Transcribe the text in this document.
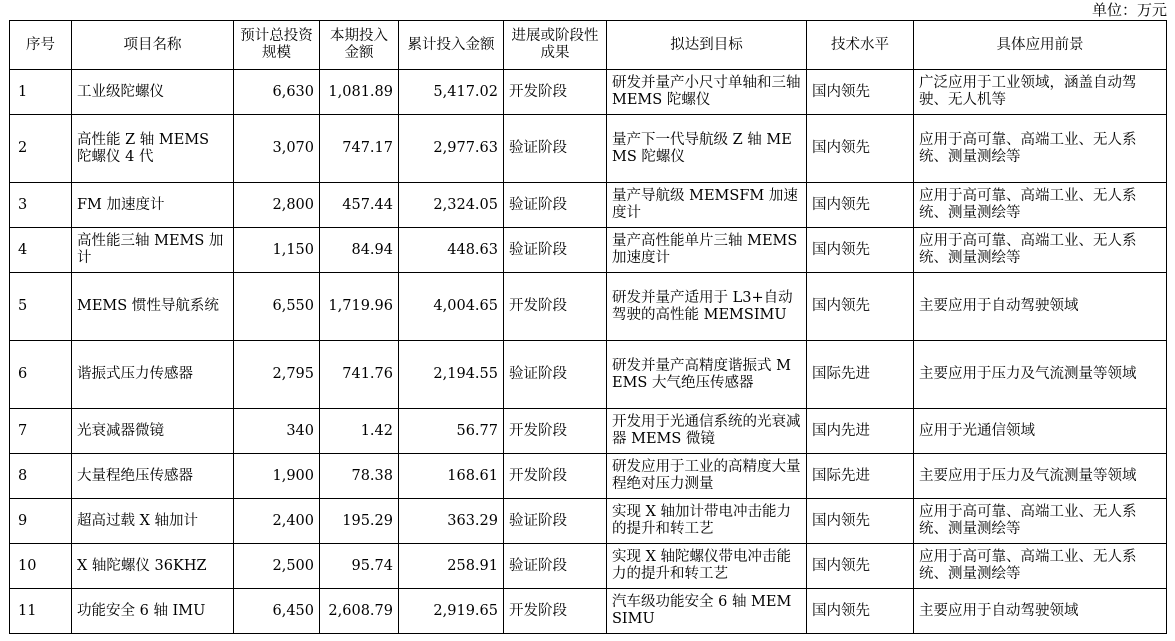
单位：万元
序号	项目名称	预计总投资规模	本期投入金额	累计投入金额	进展或阶段性成果	拟达到目标	技术水平	具体应用前景
1	工业级陀螺仪	6,630	1,081.89	5,417.02	开发阶段	研发并量产小尺寸单轴和三轴 MEMS 陀螺仪	国内领先	广泛应用于工业领域，涵盖自动驾驶、无人机等
2	高性能 Z 轴 MEMS 陀螺仪 4 代	3,070	747.17	2,977.63	验证阶段	量产下一代导航级 Z 轴 MEMS 陀螺仪	国内领先	应用于高可靠、高端工业、无人系统、测量测绘等
3	FM 加速度计	2,800	457.44	2,324.05	验证阶段	量产导航级 MEMSFM 加速度计	国内领先	应用于高可靠、高端工业、无人系统、测量测绘等
4	高性能三轴 MEMS 加计	1,150	84.94	448.63	验证阶段	量产高性能单片三轴 MEMS 加速度计	国内领先	应用于高可靠、高端工业、无人系统、测量测绘等
5	MEMS 惯性导航系统	6,550	1,719.96	4,004.65	开发阶段	研发并量产适用于 L3+自动驾驶的高性能 MEMSIMU	国内领先	主要应用于自动驾驶领域
6	谐振式压力传感器	2,795	741.76	2,194.55	验证阶段	研发并量产高精度谐振式 MEMS 大气绝压传感器	国际先进	主要应用于压力及气流测量等领域
7	光衰减器微镜	340	1.42	56.77	开发阶段	开发用于光通信系统的光衰减器 MEMS 微镜	国内先进	应用于光通信领域
8	大量程绝压传感器	1,900	78.38	168.61	开发阶段	研发应用于工业的高精度大量程绝对压力测量	国际先进	主要应用于压力及气流测量等领域
9	超高过载 X 轴加计	2,400	195.29	363.29	验证阶段	实现 X 轴加计带电冲击能力的提升和转工艺	国内领先	应用于高可靠、高端工业、无人系统、测量测绘等
10	X 轴陀螺仪 36KHZ	2,500	95.74	258.91	验证阶段	实现 X 轴陀螺仪带电冲击能力的提升和转工艺	国内领先	应用于高可靠、高端工业、无人系统、测量测绘等
11	功能安全 6 轴 IMU	6,450	2,608.79	2,919.65	开发阶段	汽车级功能安全 6 轴 MEMSIMU	国内领先	主要应用于自动驾驶领域
